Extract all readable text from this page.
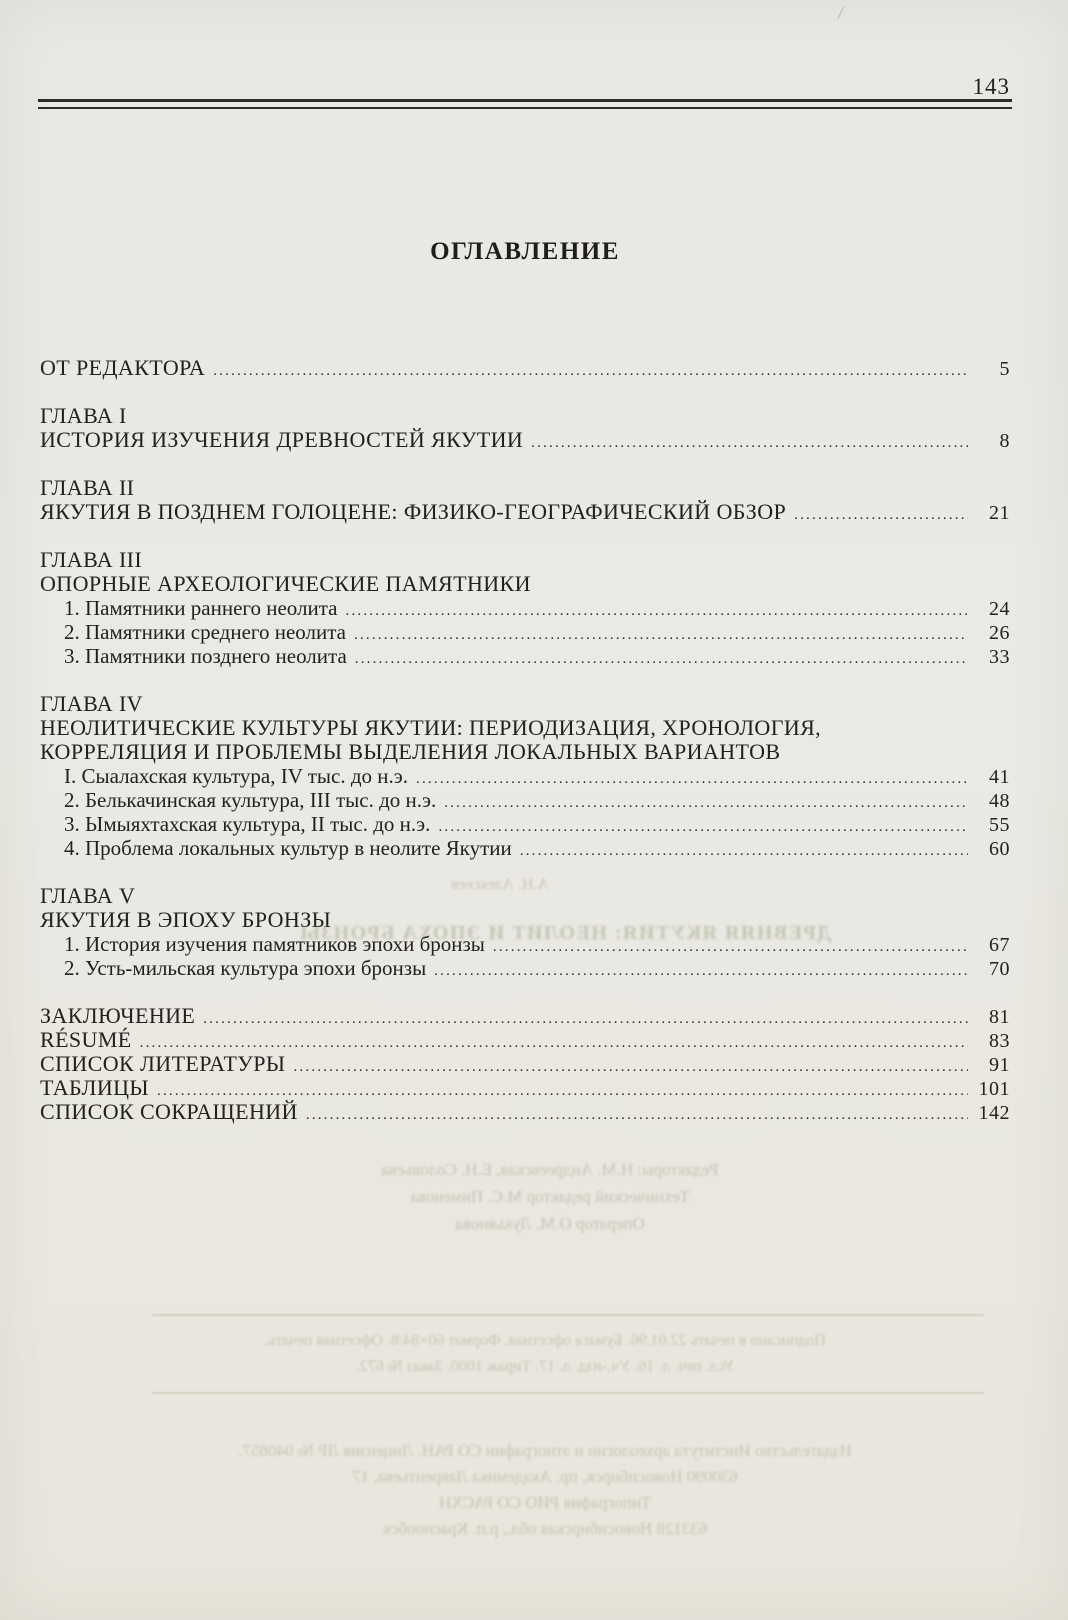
/
143
ОГЛАВЛЕНИЕ
ОТ РЕДАКТОРА .....	5
ГЛАВА I
ИСТОРИЯ ИЗУЧЕНИЯ ДРЕВНОСТЕЙ ЯКУТИИ .....	8
ГЛАВА II
ЯКУТИЯ В ПОЗДНЕМ ГОЛОЦЕНЕ: ФИЗИКО-ГЕОГРАФИЧЕСКИЙ ОБЗОР .....	21
ГЛАВА III
ОПОРНЫЕ АРХЕОЛОГИЧЕСКИЕ ПАМЯТНИКИ
1. Памятники раннего неолита .....	24
2. Памятники среднего неолита .....	26
3. Памятники позднего неолита .....	33
ГЛАВА IV
НЕОЛИТИЧЕСКИЕ КУЛЬТУРЫ ЯКУТИИ: ПЕРИОДИЗАЦИЯ, ХРОНОЛОГИЯ,
КОРРЕЛЯЦИЯ И ПРОБЛЕМЫ ВЫДЕЛЕНИЯ ЛОКАЛЬНЫХ ВАРИАНТОВ
I. Сыалахская культура, IV тыс. до н.э. .....	41
2. Белькачинская культура, III тыс. до н.э. .....	48
3. Ымыяхтахская культура, II тыс. до н.э. .....	55
4. Проблема локальных культур в неолите Якутии .....	60
ГЛАВА V
ЯКУТИЯ В ЭПОХУ БРОНЗЫ
1. История изучения памятников эпохи бронзы .....	67
2. Усть-мильская культура эпохи бронзы .....	70
ЗАКЛЮЧЕНИЕ .....	81
RÉSUMÉ .....	83
СПИСОК ЛИТЕРАТУРЫ .....	91
ТАБЛИЦЫ .....	101
СПИСОК СОКРАЩЕНИЙ .....	142
А.Н. Алексеев
ДРЕВНЯЯ ЯКУТИЯ: НЕОЛИТ И ЭПОХА БРОНЗЫ
Редакторы: Н.М. Андреевская, Е.Н. Соловьева
Технический редактор М.С. Пименова
Оператор О.М. Лукьянова
Подписано в печать 22.01.96. Бумага офсетная. Формат 60×84/8. Офсетная печать.
Усл. печ. л. 16. Уч.-изд. л. 17. Тираж 1000. Заказ № 672.
Издательство Института археологии и этнографии СО РАН. Лицензия ЛР № 040857.
630090 Новосибирск, пр. Академика Лаврентьева, 17
Типография РИО СО РАСХН
633128 Новосибирская обл., р.п. Краснообск
